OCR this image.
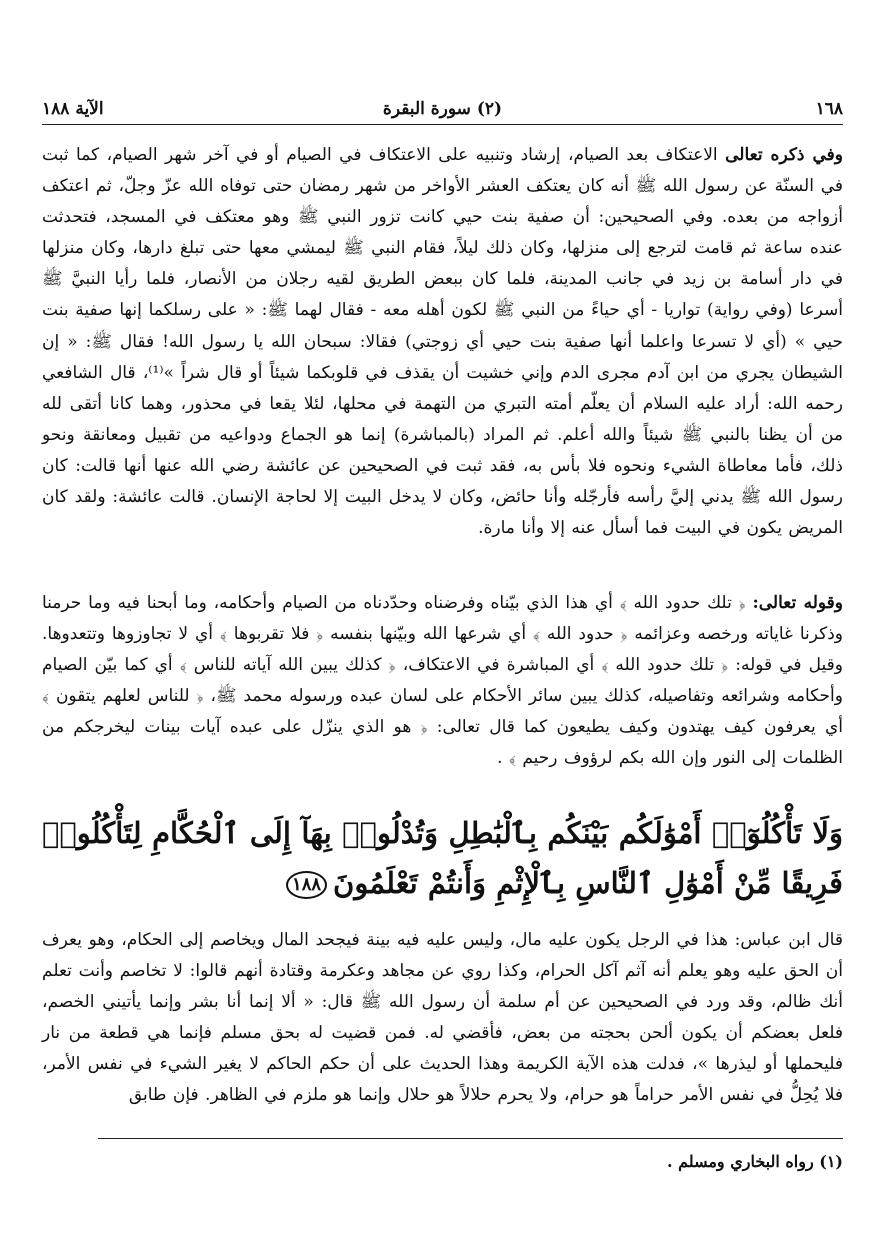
١٦٨
(٢) سورة البقرة
الآية ١٨٨
وفي ذكره تعالى الاعتكاف بعد الصيام، إرشاد وتنبيه على الاعتكاف في الصيام أو في آخر شهر الصيام، كما ثبت في السنّة عن رسول الله ﷺ أنه كان يعتكف العشر الأواخر من شهر رمضان حتى توفاه الله عزّ وجلّ، ثم اعتكف أزواجه من بعده. وفي الصحيحين: أن صفية بنت حيي كانت تزور النبي ﷺ وهو معتكف في المسجد، فتحدثت عنده ساعة ثم قامت لترجع إلى منزلها، وكان ذلك ليلاً، فقام النبي ﷺ ليمشي معها حتى تبلغ دارها، وكان منزلها في دار أسامة بن زيد في جانب المدينة، فلما كان ببعض الطريق لقيه رجلان من الأنصار، فلما رأيا النبيَّ ﷺ أسرعا (وفي رواية) تواريا - أي حياءً من النبي ﷺ لكون أهله معه - فقال لهما ﷺ: « على رسلكما إنها صفية بنت حيي » (أي لا تسرعا واعلما أنها صفية بنت حيي أي زوجتي) فقالا: سبحان الله يا رسول الله! فقال ﷺ: « إن الشيطان يجري من ابن آدم مجرى الدم وإني خشيت أن يقذف في قلوبكما شيئاً أو قال شراً »⁽¹⁾، قال الشافعي رحمه الله: أراد عليه السلام أن يعلّم أمته التبري من التهمة في محلها، لئلا يقعا في محذور، وهما كانا أتقى لله من أن يظنا بالنبي ﷺ شيئاً والله أعلم. ثم المراد (بالمباشرة) إنما هو الجماع ودواعيه من تقبيل ومعانقة ونحو ذلك، فأما معاطاة الشيء ونحوه فلا بأس به، فقد ثبت في الصحيحين عن عائشة رضي الله عنها أنها قالت: كان رسول الله ﷺ يدني إليَّ رأسه فأرجّله وأنا حائض، وكان لا يدخل البيت إلا لحاجة الإنسان. قالت عائشة: ولقد كان المريض يكون في البيت فما أسأل عنه إلا وأنا مارة.
وقوله تعالى: ﴿ تلك حدود الله ﴾ أي هذا الذي بيّناه وفرضناه وحدّدناه من الصيام وأحكامه، وما أبحنا فيه وما حرمنا وذكرنا غاياته ورخصه وعزائمه ﴿ حدود الله ﴾ أي شرعها الله وبيّنها بنفسه ﴿ فلا تقربوها ﴾ أي لا تجاوزوها وتتعدوها. وقيل في قوله: ﴿ تلك حدود الله ﴾ أي المباشرة في الاعتكاف، ﴿ كذلك يبين الله آياته للناس ﴾ أي كما بيّن الصيام وأحكامه وشرائعه وتفاصيله، كذلك يبين سائر الأحكام على لسان عبده ورسوله محمد ﷺ، ﴿ للناس لعلهم يتقون ﴾ أي يعرفون كيف يهتدون وكيف يطيعون كما قال تعالى: ﴿ هو الذي ينزّل على عبده آيات بينات ليخرجكم من الظلمات إلى النور وإن الله بكم لرؤوف رحيم ﴾ .
وَلَا تَأْكُلُوٓا۟ أَمْوَٰلَكُم بَيْنَكُم بِٱلْبَٰطِلِ وَتُدْلُوا۟ بِهَآ إِلَى ٱلْحُكَّامِ لِتَأْكُلُوا۟ فَرِيقًا مِّنْ أَمْوَٰلِ ٱلنَّاسِ بِٱلْإِثْمِ وَأَنتُمْ تَعْلَمُونَ١٨٨
قال ابن عباس: هذا في الرجل يكون عليه مال، وليس عليه فيه بينة فيجحد المال ويخاصم إلى الحكام، وهو يعرف أن الحق عليه وهو يعلم أنه آثم آكل الحرام، وكذا روي عن مجاهد وعكرمة وقتادة أنهم قالوا: لا تخاصم وأنت تعلم أنك ظالم، وقد ورد في الصحيحين عن أم سلمة أن رسول الله ﷺ قال: « ألا إنما أنا بشر وإنما يأتيني الخصم، فلعل بعضكم أن يكون ألحن بحجته من بعض، فأقضي له. فمن قضيت له بحق مسلم فإنما هي قطعة من نار فليحملها أو ليذرها »، فدلت هذه الآية الكريمة وهذا الحديث على أن حكم الحاكم لا يغير الشيء في نفس الأمر، فلا يُحِلُّ في نفس الأمر حراماً هو حرام، ولا يحرم حلالاً هو حلال وإنما هو ملزم في الظاهر. فإن طابق
(١) رواه البخاري ومسلم .
